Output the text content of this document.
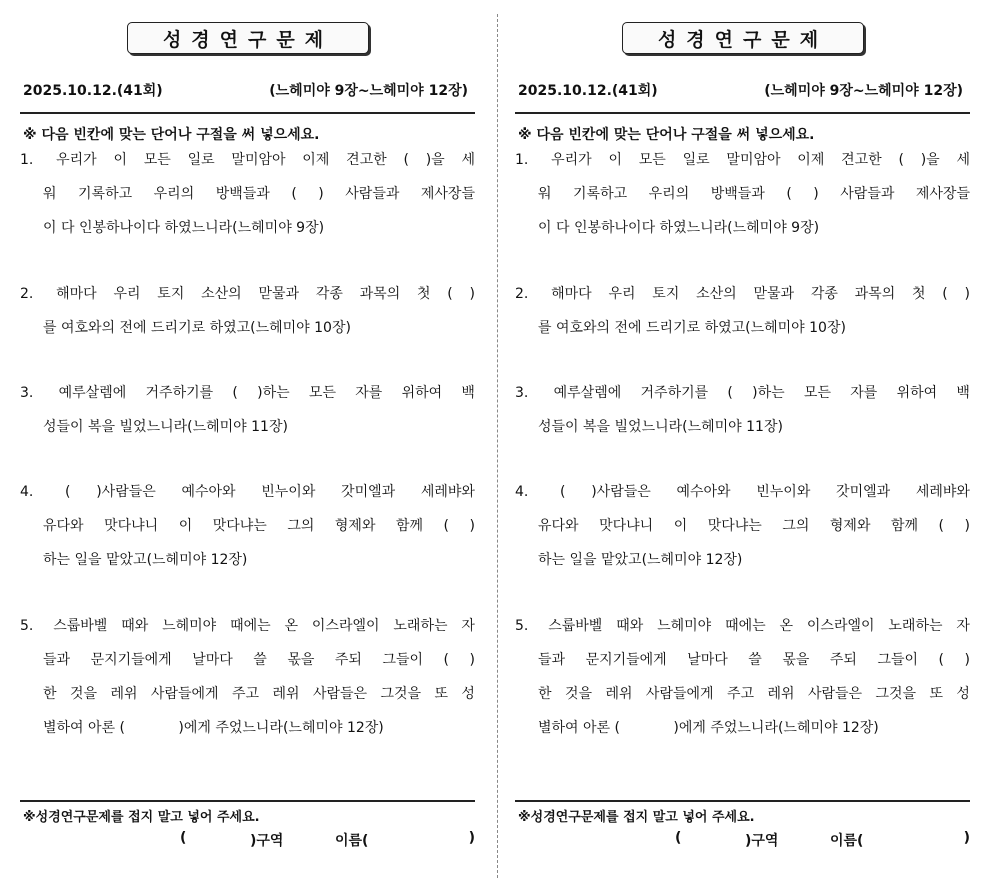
성경연구문제
2025.10.12.(41회)	(느헤미야 9장~느헤미야 12장)
※ 다음 빈칸에 맞는 단어나 구절을 써 넣으세요.
1. 우리가 이 모든 일로 말미암아 이제 견고한 ( )을 세
워 기록하고 우리의 방백들과 ( ) 사람들과 제사장들
이 다 인봉하나이다 하였느니라(느헤미야 9장)
2. 해마다 우리 토지 소산의 맏물과 각종 과목의 첫 ( )
를 여호와의 전에 드리기로 하였고(느헤미야 10장)
3. 예루살렘에 거주하기를 ( )하는 모든 자를 위하여 백
성들이 복을 빌었느니라(느헤미야 11장)
4. ( )사람들은 예수아와 빈누이와 갓미엘과 세레뱌와
유다와 맛다냐니 이 맛다냐는 그의 형제와 함께 ( )
하는 일을 맡았고(느헤미야 12장)
5. 스룹바벨 때와 느헤미야 때에는 온 이스라엘이 노래하는 자
들과 문지기들에게 날마다 쓸 몫을 주되 그들이 ( )
한 것을 레위 사람들에게 주고 레위 사람들은 그것을 또 성
별하여 아론 (            )에게 주었느니라(느헤미야 12장)
※성경연구문제를 접지 말고 넣어 주세요.
(	)구역	이름(	)
성경연구문제
2025.10.12.(41회)	(느헤미야 9장~느헤미야 12장)
※ 다음 빈칸에 맞는 단어나 구절을 써 넣으세요.
1. 우리가 이 모든 일로 말미암아 이제 견고한 ( )을 세
워 기록하고 우리의 방백들과 ( ) 사람들과 제사장들
이 다 인봉하나이다 하였느니라(느헤미야 9장)
2. 해마다 우리 토지 소산의 맏물과 각종 과목의 첫 ( )
를 여호와의 전에 드리기로 하였고(느헤미야 10장)
3. 예루살렘에 거주하기를 ( )하는 모든 자를 위하여 백
성들이 복을 빌었느니라(느헤미야 11장)
4. ( )사람들은 예수아와 빈누이와 갓미엘과 세레뱌와
유다와 맛다냐니 이 맛다냐는 그의 형제와 함께 ( )
하는 일을 맡았고(느헤미야 12장)
5. 스룹바벨 때와 느헤미야 때에는 온 이스라엘이 노래하는 자
들과 문지기들에게 날마다 쓸 몫을 주되 그들이 ( )
한 것을 레위 사람들에게 주고 레위 사람들은 그것을 또 성
별하여 아론 (            )에게 주었느니라(느헤미야 12장)
※성경연구문제를 접지 말고 넣어 주세요.
(	)구역	이름(	)
